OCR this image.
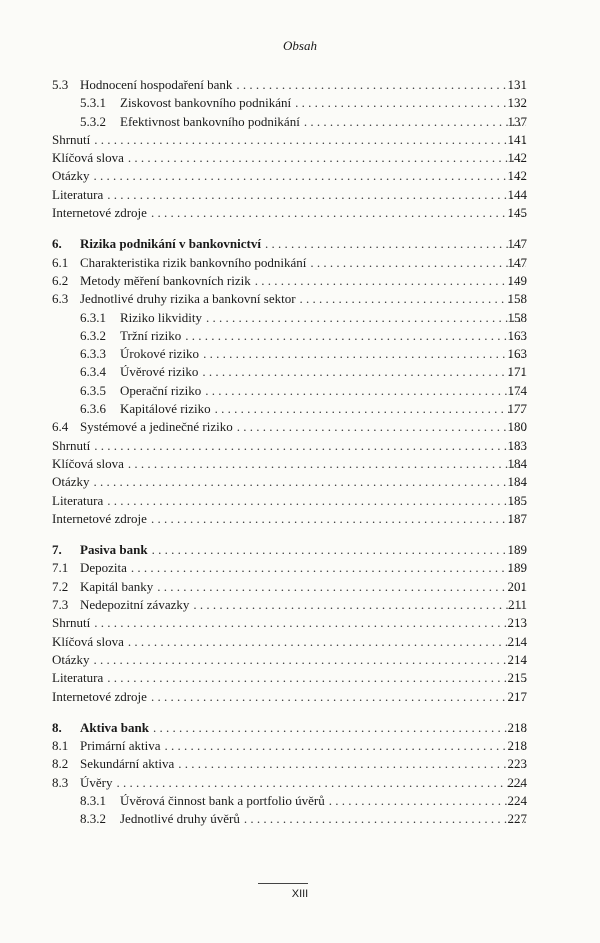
Obsah
5.3 Hodnocení hospodaření bank . . .	131
5.3.1 Ziskovost bankovního podnikání . . .	132
5.3.2 Efektivnost bankovního podnikání . . .	137
Shrnutí . . .	141
Klíčová slova . . .	142
Otázky . . .	142
Literatura . . .	144
Internetové zdroje . . .	145
6. Rizika podnikání v bankovnictví . . .	147
6.1 Charakteristika rizik bankovního podnikání . . .	147
6.2 Metody měření bankovních rizik . . .	149
6.3 Jednotlivé druhy rizika a bankovní sektor . . .	158
6.3.1 Riziko likvidity . . .	158
6.3.2 Tržní riziko . . .	163
6.3.3 Úrokové riziko . . .	163
6.3.4 Úvěrové riziko . . .	171
6.3.5 Operační riziko . . .	174
6.3.6 Kapitálové riziko . . .	177
6.4 Systémové a jedinečné riziko . . .	180
Shrnutí . . .	183
Klíčová slova . . .	184
Otázky . . .	184
Literatura . . .	185
Internetové zdroje . . .	187
7. Pasiva bank . . .	189
7.1 Depozita . . .	189
7.2 Kapitál banky . . .	201
7.3 Nedepozitní závazky . . .	211
Shrnutí . . .	213
Klíčová slova . . .	214
Otázky . . .	214
Literatura . . .	215
Internetové zdroje . . .	217
8. Aktiva bank . . .	218
8.1 Primární aktiva . . .	218
8.2 Sekundární aktiva . . .	223
8.3 Úvěry . . .	224
8.3.1 Úvěrová činnost bank a portfolio úvěrů . . .	224
8.3.2 Jednotlivé druhy úvěrů . . .	227
XIII
